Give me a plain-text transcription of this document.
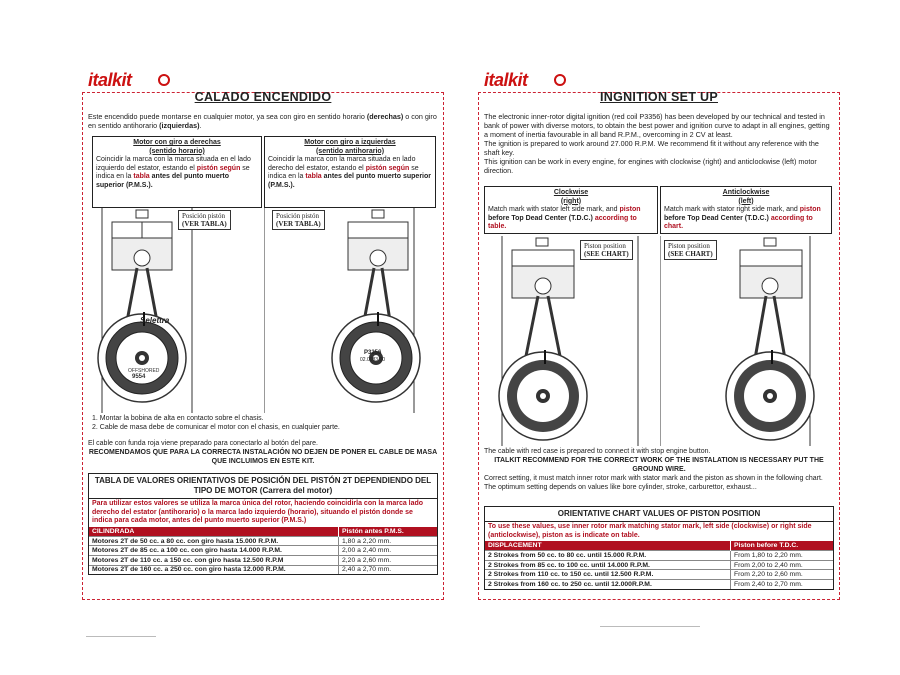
italkit
CALADO ENCENDIDO
Este encendido puede montarse en cualquier motor, ya sea con giro en sentido horario (derechas) o con giro en sentido antihorario (izquierdas).
Motor con giro a derechas
(sentido horario)
Coincidir la marca con la marca situada en el lado izquierdo del estator, estando el pistón según se indica en la tabla antes del punto muerto superior (P.M.S.).
Motor con giro a izquierdas
(sentido antihorario)
Coincidir la marca con la marca situada en lado derecho del estator, estando el pistón según se indica en la tabla antes del punto muerto superior (P.M.S.).
Posición pistón
(VER TABLA)
Selettra
OFFSHORED
9554
Posición pistón
(VER TABLA)
P3356
02.0083.00
1. Montar la bobina de alta en contacto sobre el chasis.
2. Cable de masa debe de comunicar el motor con el chasis, en cualquier parte.
El cable con funda roja viene preparado para conectarlo al botón del pare.
RECOMENDAMOS QUE PARA LA CORRECTA INSTALACIÓN NO DEJEN DE PONER EL CABLE DE MASA QUE INCLUIMOS EN ESTE KIT.
TABLA DE VALORES ORIENTATIVOS DE POSICIÓN DEL PISTÓN 2T DEPENDIENDO DEL TIPO DE MOTOR (Carrera del motor)
Para utilizar estos valores se utiliza la marca única del rotor, haciendo coincidirla con la marca lado derecho del estator (antihorario) o la marca lado izquierdo (horario), situando el pistón donde se indica para cada motor, antes del punto muerto superior (P.M.S.)
CILINDRADA	Pistón antes P.M.S.
Motores 2T de 50 cc. a 80 cc. con giro hasta 15.000 R.P.M.	1,80 a 2,20 mm.
Motores 2T de 85 cc. a 100 cc. con giro hasta 14.000 R.P.M.	2,00 a 2,40 mm.
Motores 2T de 110 cc. a 150 cc. con giro hasta 12.500 R.P.M	2,20 a 2,60 mm.
Motores 2T de 160 cc. a 250 cc. con giro hasta 12.000 R.P.M.	2,40 a 2,70 mm.
italkit
INGNITION SET UP
The electronic inner-rotor digital ignition (red coil P3356) has been developed by our technical and tested in bank of power with diverse motors, to obtain the best power and ignition curve to adapt in all engines, getting a moment of inertia favourable in all band R.P.M., overcoming in 2 CV at least.
The ignition is prepared to work around 27.000 R.P.M. We recommend fit it without any reference with the shaft key.
This ignition can be work in every engine, for engines with clockwise (right) and anticlockwise (left) motor direction.
Clockwise
(right)
Match mark with stator left side mark, and piston before Top Dead Center (T.D.C.) according to table.
Anticlockwise
(left)
Match mark with stator right side mark, and piston before Top Dead Center (T.D.C.) according to chart.
Piston position
(SEE CHART)
Piston position
(SEE CHART)
The cable with red case is prepared to connect it with stop engine button.
ITALKIT RECOMMEND FOR THE CORRECT WORK OF THE INSTALATION IS NECESSARY PUT THE GROUND WIRE.
Correct setting, it must match inner rotor mark with stator mark and the piston as shown in the following chart. The optimum setting depends on values like bore cylinder, stroke, carburettor, exhaust...
ORIENTATIVE CHART VALUES OF PISTON POSITION
To use these values, use inner rotor mark matching stator mark, left side (clockwise) or right side (anticlockwise), piston as is indicate on table.
DISPLACEMENT	Piston before T.D.C.
2 Strokes from 50 cc. to 80 cc. until 15.000 R.P.M.	From 1,80 to 2,20 mm.
2 Strokes from 85 cc. to 100 cc. until 14.000 R.P.M.	From 2,00 to 2,40 mm.
2 Strokes from 110 cc. to 150 cc. until 12.500 R.P.M.	From 2,20 to 2,60 mm.
2 Strokes from 160 cc. to 250 cc. until 12.000R.P.M.	From 2,40 to 2,70 mm.
